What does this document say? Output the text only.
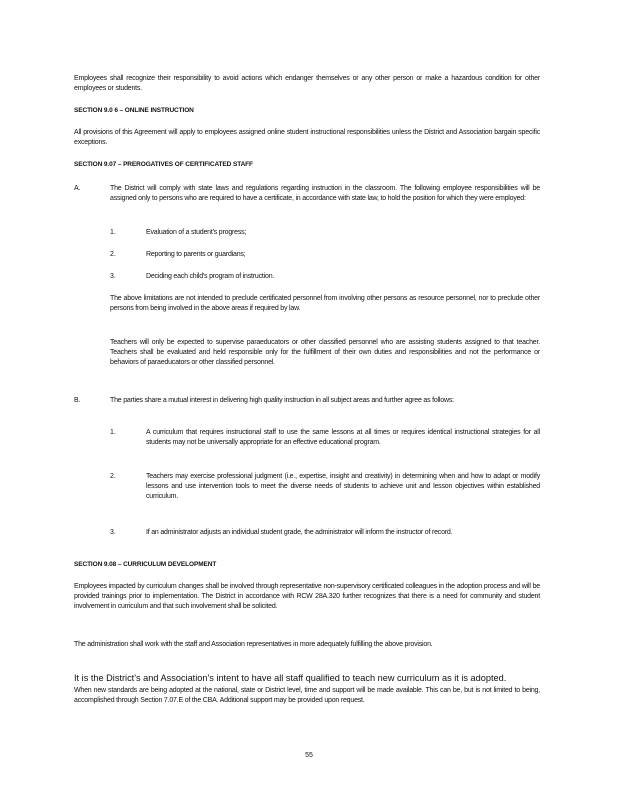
Employees shall recognize their responsibility to avoid actions which endanger themselves or any other person or make a hazardous condition for other employees or students.
SECTION 9.0 6 – ONLINE INSTRUCTION
All provisions of this Agreement will apply to employees assigned online student instructional responsibilities unless the District and Association bargain specific exceptions.
SECTION 9.07 – PREROGATIVES OF CERTIFICATED STAFF
A.	The District will comply with state laws and regulations regarding instruction in the classroom. The following employee responsibilities will be assigned only to persons who are required to have a certificate, in accordance with state law, to hold the position for which they were employed:
1.	Evaluation of a student's progress;
2.	Reporting to parents or guardians;
3.	Deciding each child's program of instruction.
The above limitations are not intended to preclude certificated personnel from involving other persons as resource personnel, nor to preclude other persons from being involved in the above areas if required by law.
Teachers will only be expected to supervise paraeducators or other classified personnel who are assisting students assigned to that teacher. Teachers shall be evaluated and held responsible only for the fulfillment of their own duties and responsibilities and not the performance or behaviors of paraeducators or other classified personnel.
B.	The parties share a mutual interest in delivering high quality instruction in all subject areas and further agree as follows:
1.	A curriculum that requires instructional staff to use the same lessons at all times or requires identical instructional strategies for all students may not be universally appropriate for an effective educational program.
2.	Teachers may exercise professional judgment (i.e., expertise, insight and creativity) in determining when and how to adapt or modify lessons and use intervention tools to meet the diverse needs of students to achieve unit and lesson objectives within established curriculum.
3.	If an administrator adjusts an individual student grade, the administrator will inform the instructor of record.
SECTION 9.08 – CURRICULUM DEVELOPMENT
Employees impacted by curriculum changes shall be involved through representative non-supervisory certificated colleagues in the adoption process and will be provided trainings prior to implementation. The District in accordance with RCW 28A.320 further recognizes that there is a need for community and student involvement in curriculum and that such involvement shall be solicited.
The administration shall work with the staff and Association representatives in more adequately fulfilling the above provision.
It is the District's and Association's intent to have all staff qualified to teach new curriculum as it is adopted.
When new standards are being adopted at the national, state or District level, time and support will be made available. This can be, but is not limited to being, accomplished through Section 7.07.E of the CBA. Additional support may be provided upon request.
55
